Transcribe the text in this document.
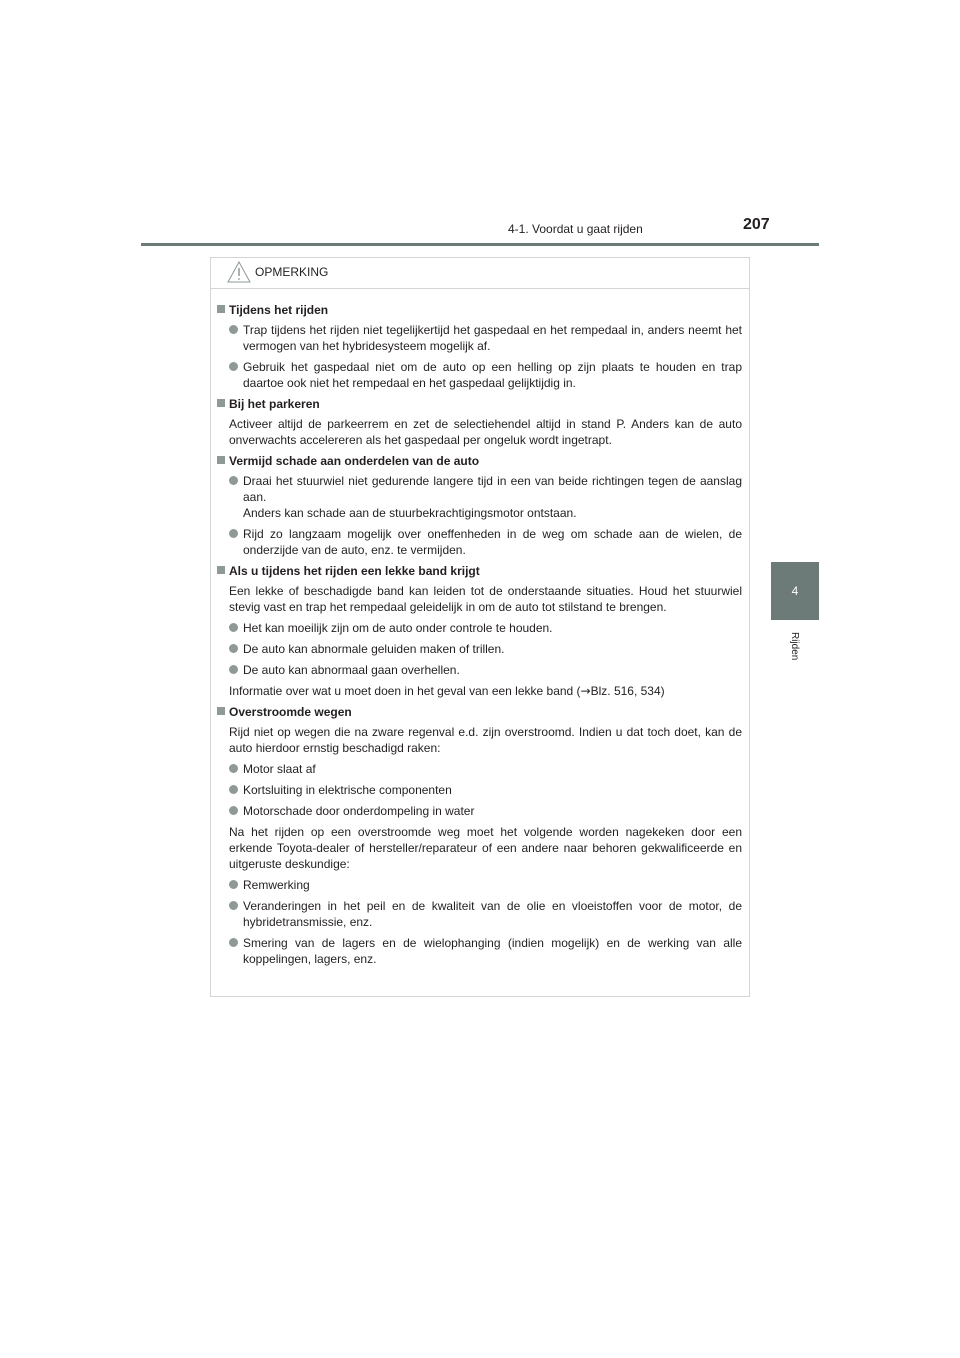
4-1. Voordat u gaat rijden	207
4
Rijden
OPMERKING
Tijdens het rijden
Trap tijdens het rijden niet tegelijkertijd het gaspedaal en het rempedaal in, anders neemt het vermogen van het hybridesysteem mogelijk af.
Gebruik het gaspedaal niet om de auto op een helling op zijn plaats te houden en trap daartoe ook niet het rempedaal en het gaspedaal gelijktijdig in.
Bij het parkeren
Activeer altijd de parkeerrem en zet de selectiehendel altijd in stand P. Anders kan de auto onverwachts accelereren als het gaspedaal per ongeluk wordt ingetrapt.
Vermijd schade aan onderdelen van de auto
Draai het stuurwiel niet gedurende langere tijd in een van beide richtingen tegen de aanslag aan.
Anders kan schade aan de stuurbekrachtigingsmotor ontstaan.
Rijd zo langzaam mogelijk over oneffenheden in de weg om schade aan de wielen, de onderzijde van de auto, enz. te vermijden.
Als u tijdens het rijden een lekke band krijgt
Een lekke of beschadigde band kan leiden tot de onderstaande situaties. Houd het stuurwiel stevig vast en trap het rempedaal geleidelijk in om de auto tot stilstand te brengen.
Het kan moeilijk zijn om de auto onder controle te houden.
De auto kan abnormale geluiden maken of trillen.
De auto kan abnormaal gaan overhellen.
Informatie over wat u moet doen in het geval van een lekke band (→Blz. 516, 534)
Overstroomde wegen
Rijd niet op wegen die na zware regenval e.d. zijn overstroomd. Indien u dat toch doet, kan de auto hierdoor ernstig beschadigd raken:
Motor slaat af
Kortsluiting in elektrische componenten
Motorschade door onderdompeling in water
Na het rijden op een overstroomde weg moet het volgende worden nagekeken door een erkende Toyota-dealer of hersteller/reparateur of een andere naar behoren gekwalificeerde en uitgeruste deskundige:
Remwerking
Veranderingen in het peil en de kwaliteit van de olie en vloeistoffen voor de motor, de hybridetransmissie, enz.
Smering van de lagers en de wielophanging (indien mogelijk) en de werking van alle koppelingen, lagers, enz.
